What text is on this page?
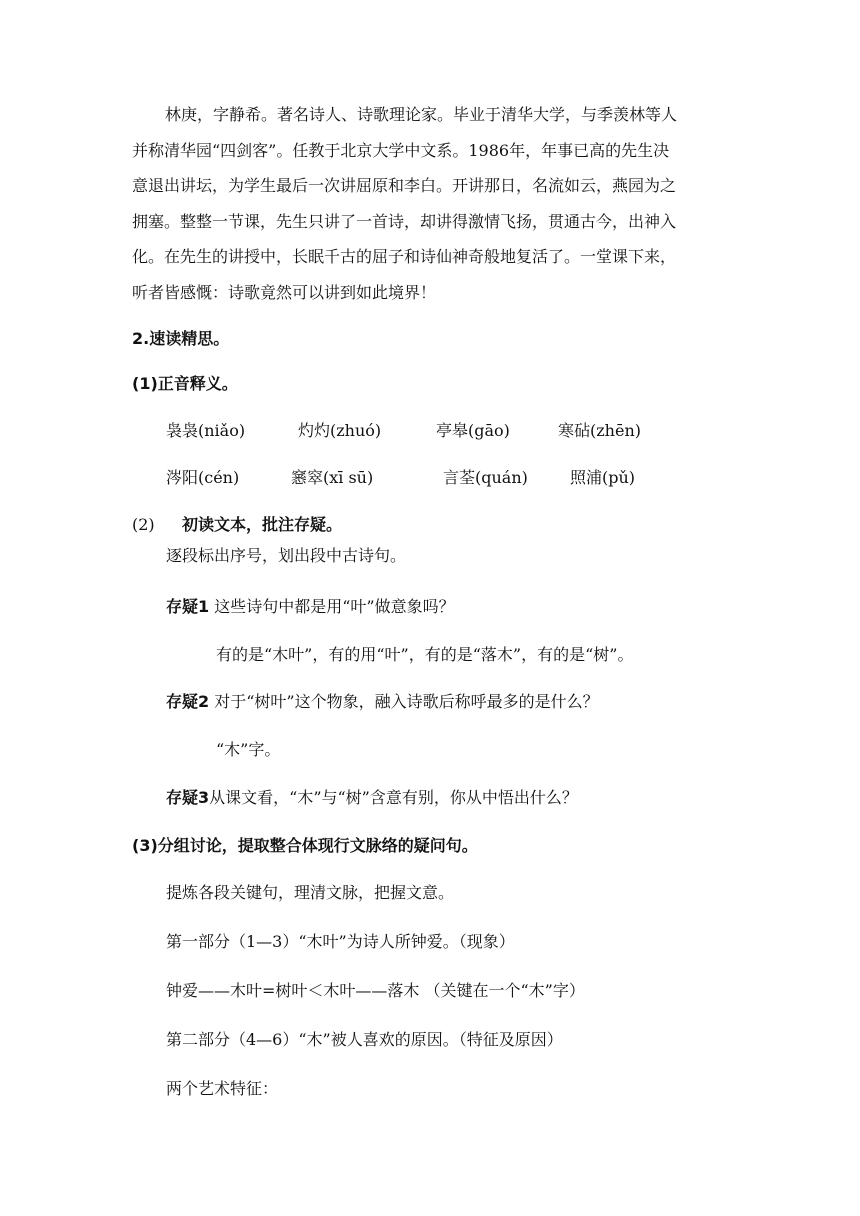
林庚，字静希。著名诗人、诗歌理论家。毕业于清华大学，与季羡林等人
并称清华园“四剑客”。任教于北京大学中文系。1986年，年事已高的先生决
意退出讲坛，为学生最后一次讲屈原和李白。开讲那日，名流如云，燕园为之
拥塞。整整一节课，先生只讲了一首诗，却讲得激情飞扬，贯通古今，出神入
化。在先生的讲授中，长眠千古的屈子和诗仙神奇般地复活了。一堂课下来，
听者皆感慨：诗歌竟然可以讲到如此境界！
2.速读精思。
(1)正音释义。
袅袅(niǎo)	灼灼(zhuó)	亭皋(gāo)	寒砧(zhēn)
涔阳(cén)	窸窣(xī sū)	言荃(quán)	照浦(pǔ)
(2) 初读文本，批注存疑。
逐段标出序号，划出段中古诗句。
存疑1 这些诗句中都是用“叶”做意象吗？
有的是“木叶”，有的用“叶”，有的是“落木”，有的是“树”。
存疑2 对于“树叶”这个物象，融入诗歌后称呼最多的是什么？
“木”字。
存疑3从课文看，“木”与“树”含意有别，你从中悟出什么？
(3)分组讨论，提取整合体现行文脉络的疑问句。
提炼各段关键句，理清文脉，把握文意。
第一部分（1—3）“木叶”为诗人所钟爱。（现象）
钟爱——木叶=树叶＜木叶——落木 （关键在一个“木”字）
第二部分（4—6）“木”被人喜欢的原因。（特征及原因）
两个艺术特征：
